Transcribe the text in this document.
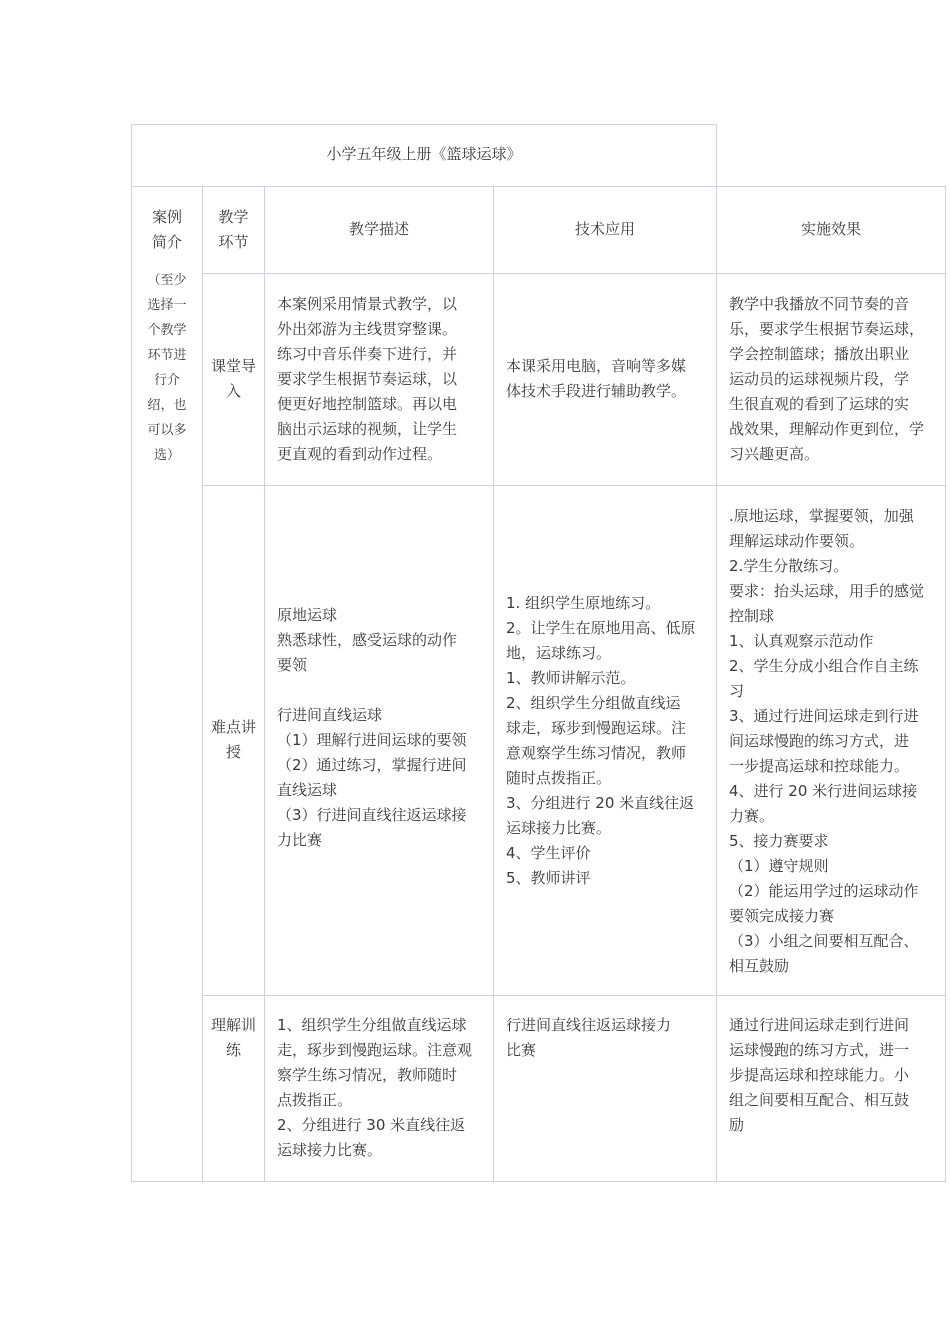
小学五年级上册《篮球运球》
案例
简介
（至少
选择一
个教学
环节进
行介
绍，也
可以多
选）
教学
环节
教学描述	技术应用	实施效果
课堂导
入
本案例采用情景式教学，以
外出郊游为主线贯穿整课。
练习中音乐伴奏下进行，并
要求学生根据节奏运球，以
便更好地控制篮球。再以电
脑出示运球的视频，让学生
更直观的看到动作过程。
本课采用电脑，音响等多媒
体技术手段进行辅助教学。
教学中我播放不同节奏的音
乐，要求学生根据节奏运球，
学会控制篮球；播放出职业
运动员的运球视频片段，学
生很直观的看到了运球的实
战效果，理解动作更到位，学
习兴趣更高。
难点讲
授
原地运球
熟悉球性，感受运球的动作
要领

行进间直线运球
（1）理解行进间运球的要领
（2）通过练习，掌握行进间
直线运球
（3）行进间直线往返运球接
力比赛
1. 组织学生原地练习。
2。让学生在原地用高、低原
地，运球练习。
1、教师讲解示范。
2、组织学生分组做直线运
球走，琢步到慢跑运球。注
意观察学生练习情况，教师
随时点拨指正。
3、分组进行 20 米直线往返
运球接力比赛。
4、学生评价
5、教师讲评
.原地运球，掌握要领，加强
理解运球动作要领。
2.学生分散练习。
要求：抬头运球，用手的感觉
控制球
1、认真观察示范动作
2、学生分成小组合作自主练
习
3、通过行进间运球走到行进
间运球慢跑的练习方式，进
一步提高运球和控球能力。
4、进行 20 米行进间运球接
力赛。
5、接力赛要求
（1）遵守规则
（2）能运用学过的运球动作
要领完成接力赛
（3）小组之间要相互配合、
相互鼓励
理解训
练
1、组织学生分组做直线运球
走，琢步到慢跑运球。注意观
察学生练习情况，教师随时
点拨指正。
2、分组进行 30 米直线往返
运球接力比赛。
行进间直线往返运球接力
比赛
通过行进间运球走到行进间
运球慢跑的练习方式，进一
步提高运球和控球能力。小
组之间要相互配合、相互鼓
励
